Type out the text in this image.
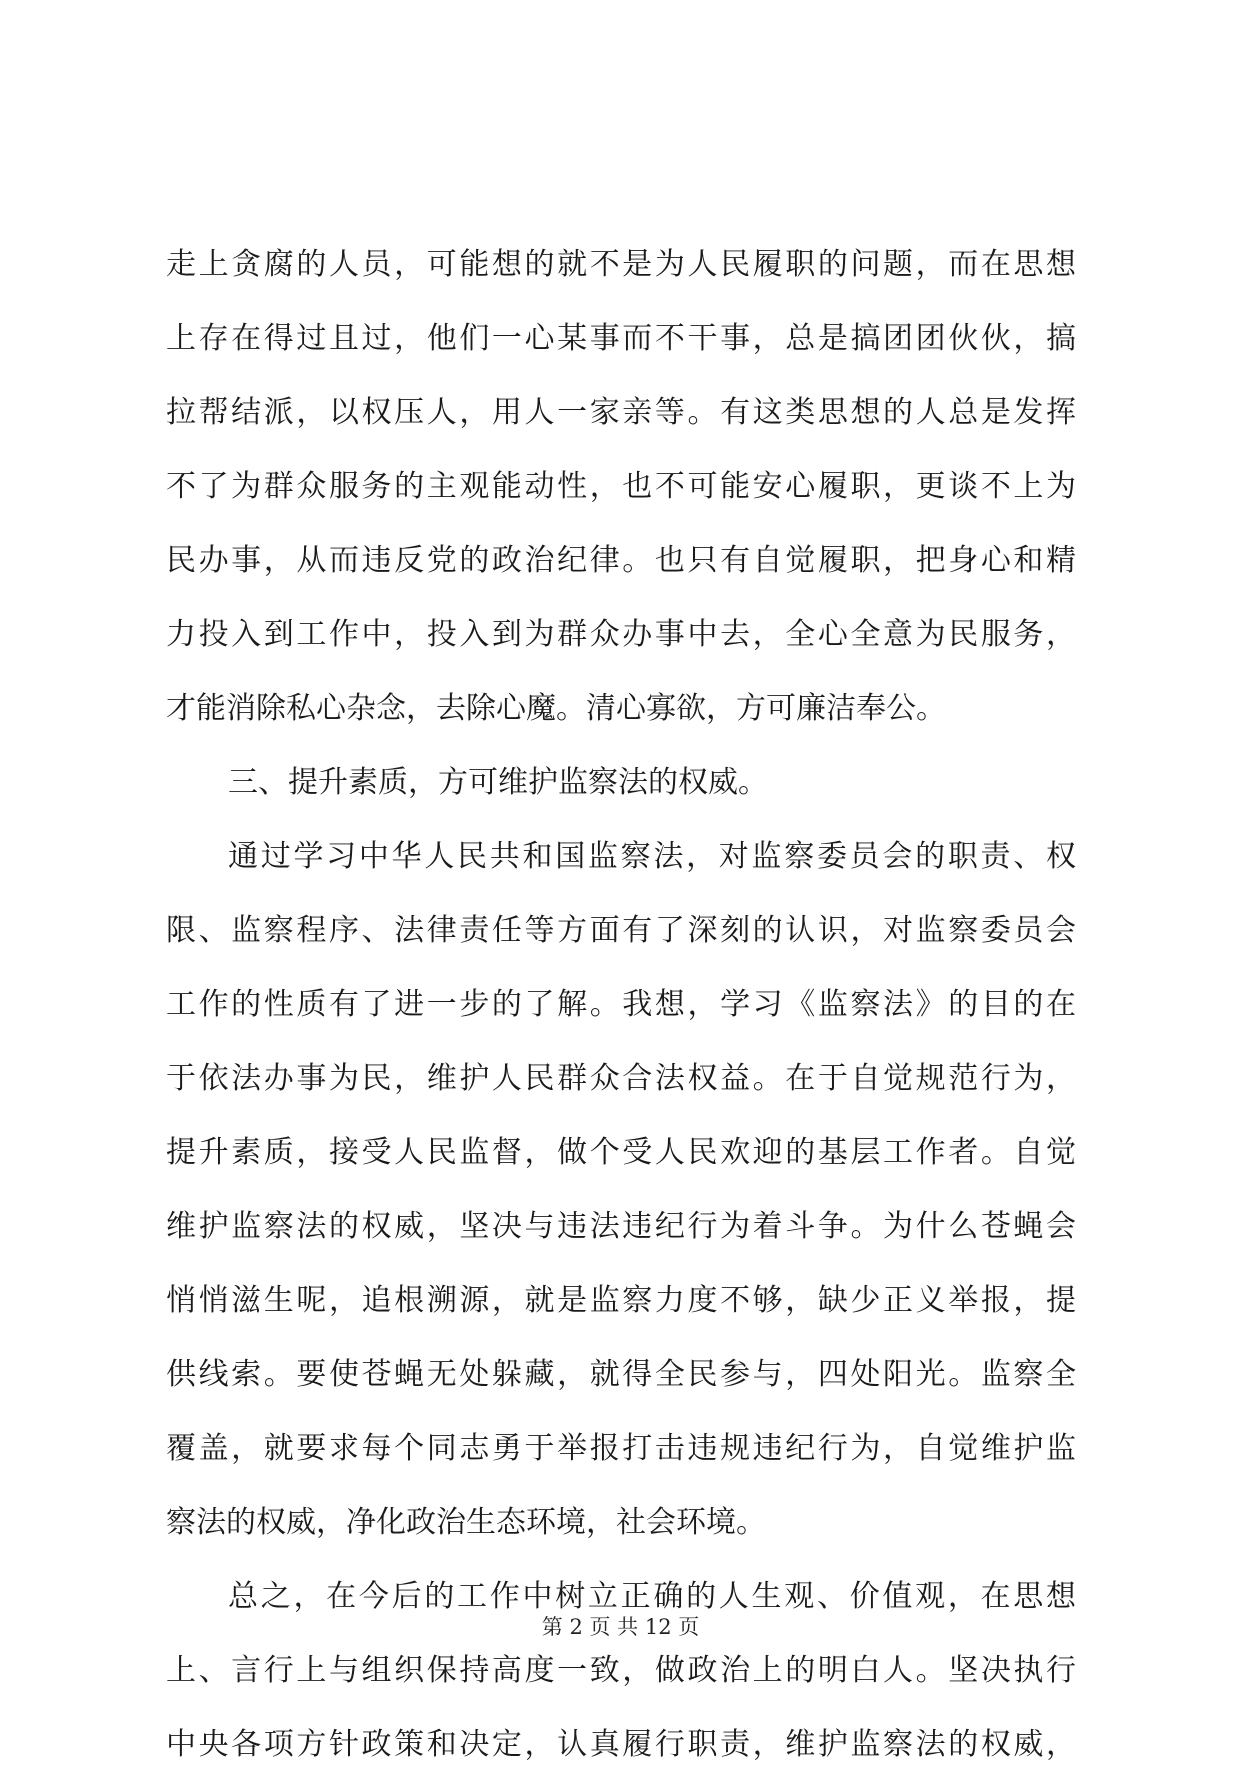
走上贪腐的人员，可能想的就不是为人民履职的问题，而在思想
上存在得过且过，他们一心某事而不干事，总是搞团团伙伙，搞
拉帮结派，以权压人，用人一家亲等。有这类思想的人总是发挥
不了为群众服务的主观能动性，也不可能安心履职，更谈不上为
民办事，从而违反党的政治纪律。也只有自觉履职，把身心和精
力投入到工作中，投入到为群众办事中去，全心全意为民服务，
才能消除私心杂念，去除心魔。清心寡欲，方可廉洁奉公。
三、提升素质，方可维护监察法的权威。
通过学习中华人民共和国监察法，对监察委员会的职责、权
限、监察程序、法律责任等方面有了深刻的认识，对监察委员会
工作的性质有了进一步的了解。我想，学习《监察法》的目的在
于依法办事为民，维护人民群众合法权益。在于自觉规范行为，
提升素质，接受人民监督，做个受人民欢迎的基层工作者。自觉
维护监察法的权威，坚决与违法违纪行为着斗争。为什么苍蝇会
悄悄滋生呢，追根溯源，就是监察力度不够，缺少正义举报，提
供线索。要使苍蝇无处躲藏，就得全民参与，四处阳光。监察全
覆盖，就要求每个同志勇于举报打击违规违纪行为，自觉维护监
察法的权威，净化政治生态环境，社会环境。
总之，在今后的工作中树立正确的人生观、价值观，在思想
上、言行上与组织保持高度一致，做政治上的明白人。坚决执行
中央各项方针政策和决定，认真履行职责，维护监察法的权威，
第 2 页 共 12 页
